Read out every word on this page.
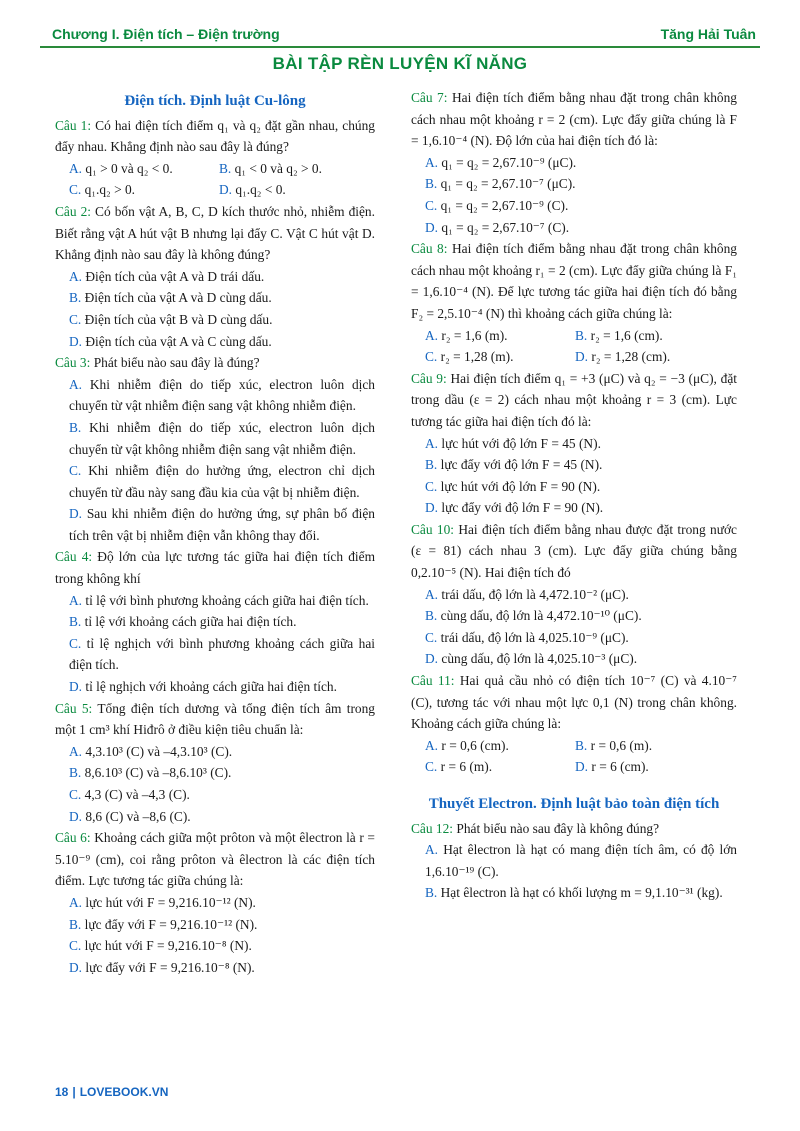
Chương I. Điện tích – Điện trường	Tăng Hải Tuân
BÀI TẬP RÈN LUYỆN KĨ NĂNG
Điện tích. Định luật Cu-lông
Câu 1: Có hai điện tích điểm q₁ và q₂ đặt gần nhau, chúng đẩy nhau. Khẳng định nào sau đây là đúng?
A. q₁ > 0 và q₂ < 0.	B. q₁ < 0 và q₂ > 0.
C. q₁.q₂ > 0.	D. q₁.q₂ < 0.
Câu 2: Có bốn vật A, B, C, D kích thước nhỏ, nhiễm điện. Biết rằng vật A hút vật B nhưng lại đẩy C. Vật C hút vật D. Khẳng định nào sau đây là không đúng?
A. Điện tích của vật A và D trái dấu.
B. Điện tích của vật A và D cùng dấu.
C. Điện tích của vật B và D cùng dấu.
D. Điện tích của vật A và C cùng dấu.
Câu 3: Phát biểu nào sau đây là đúng?
A. Khi nhiễm điện do tiếp xúc, electron luôn dịch chuyển từ vật nhiễm điện sang vật không nhiễm điện.
B. Khi nhiễm điện do tiếp xúc, electron luôn dịch chuyển từ vật không nhiễm điện sang vật nhiễm điện.
C. Khi nhiễm điện do hưởng ứng, electron chỉ dịch chuyển từ đầu này sang đầu kia của vật bị nhiễm điện.
D. Sau khi nhiễm điện do hưởng ứng, sự phân bố điện tích trên vật bị nhiễm điện vẫn không thay đổi.
Câu 4: Độ lớn của lực tương tác giữa hai điện tích điểm trong không khí
A. tỉ lệ với bình phương khoảng cách giữa hai điện tích.
B. tỉ lệ với khoảng cách giữa hai điện tích.
C. tỉ lệ nghịch với bình phương khoảng cách giữa hai điện tích.
D. tỉ lệ nghịch với khoảng cách giữa hai điện tích.
Câu 5: Tổng điện tích dương và tổng điện tích âm trong một 1 cm³ khí Hiđrô ở điều kiện tiêu chuẩn là:
A. 4,3.10³ (C) và –4,3.10³ (C).
B. 8,6.10³ (C) và –8,6.10³ (C).
C. 4,3 (C) và –4,3 (C).
D. 8,6 (C) và –8,6 (C).
Câu 6: Khoảng cách giữa một prôton và một êlectron là r = 5.10⁻⁹ (cm), coi rằng prôton và êlectron là các điện tích điểm. Lực tương tác giữa chúng là:
A. lực hút với F = 9,216.10⁻¹² (N).
B. lực đẩy với F = 9,216.10⁻¹² (N).
C. lực hút với F = 9,216.10⁻⁸ (N).
D. lực đẩy với F = 9,216.10⁻⁸ (N).
Câu 7: Hai điện tích điểm bằng nhau đặt trong chân không cách nhau một khoảng r = 2 (cm). Lực đẩy giữa chúng là F = 1,6.10⁻⁴ (N). Độ lớn của hai điện tích đó là:
A. q₁ = q₂ = 2,67.10⁻⁹ (μC).
B. q₁ = q₂ = 2,67.10⁻⁷ (μC).
C. q₁ = q₂ = 2,67.10⁻⁹ (C).
D. q₁ = q₂ = 2,67.10⁻⁷ (C).
Câu 8: Hai điện tích điểm bằng nhau đặt trong chân không cách nhau một khoảng r₁ = 2 (cm). Lực đẩy giữa chúng là F₁ = 1,6.10⁻⁴ (N). Để lực tương tác giữa hai điện tích đó bằng F₂ = 2,5.10⁻⁴ (N) thì khoảng cách giữa chúng là:
A. r₂ = 1,6 (m).	B. r₂ = 1,6 (cm).
C. r₂ = 1,28 (m).	D. r₂ = 1,28 (cm).
Câu 9: Hai điện tích điểm q₁ = +3 (μC) và q₂ = −3 (μC), đặt trong dầu (ε = 2) cách nhau một khoảng r = 3 (cm). Lực tương tác giữa hai điện tích đó là:
A. lực hút với độ lớn F = 45 (N).
B. lực đẩy với độ lớn F = 45 (N).
C. lực hút với độ lớn F = 90 (N).
D. lực đẩy với độ lớn F = 90 (N).
Câu 10: Hai điện tích điểm bằng nhau được đặt trong nước (ε = 81) cách nhau 3 (cm). Lực đẩy giữa chúng bằng 0,2.10⁻⁵ (N). Hai điện tích đó
A. trái dấu, độ lớn là 4,472.10⁻² (μC).
B. cùng dấu, độ lớn là 4,472.10⁻¹⁰ (μC).
C. trái dấu, độ lớn là 4,025.10⁻⁹ (μC).
D. cùng dấu, độ lớn là 4,025.10⁻³ (μC).
Câu 11: Hai quả cầu nhỏ có điện tích 10⁻⁷ (C) và 4.10⁻⁷ (C), tương tác với nhau một lực 0,1 (N) trong chân không. Khoảng cách giữa chúng là:
A. r = 0,6 (cm).	B. r = 0,6 (m).
C. r = 6 (m).	D. r = 6 (cm).
Thuyết Electron. Định luật bảo toàn điện tích
Câu 12: Phát biểu nào sau đây là không đúng?
A. Hạt êlectron là hạt có mang điện tích âm, có độ lớn 1,6.10⁻¹⁹ (C).
B. Hạt êlectron là hạt có khối lượng m = 9,1.10⁻³¹ (kg).
18 | LOVEBOOK.VN
